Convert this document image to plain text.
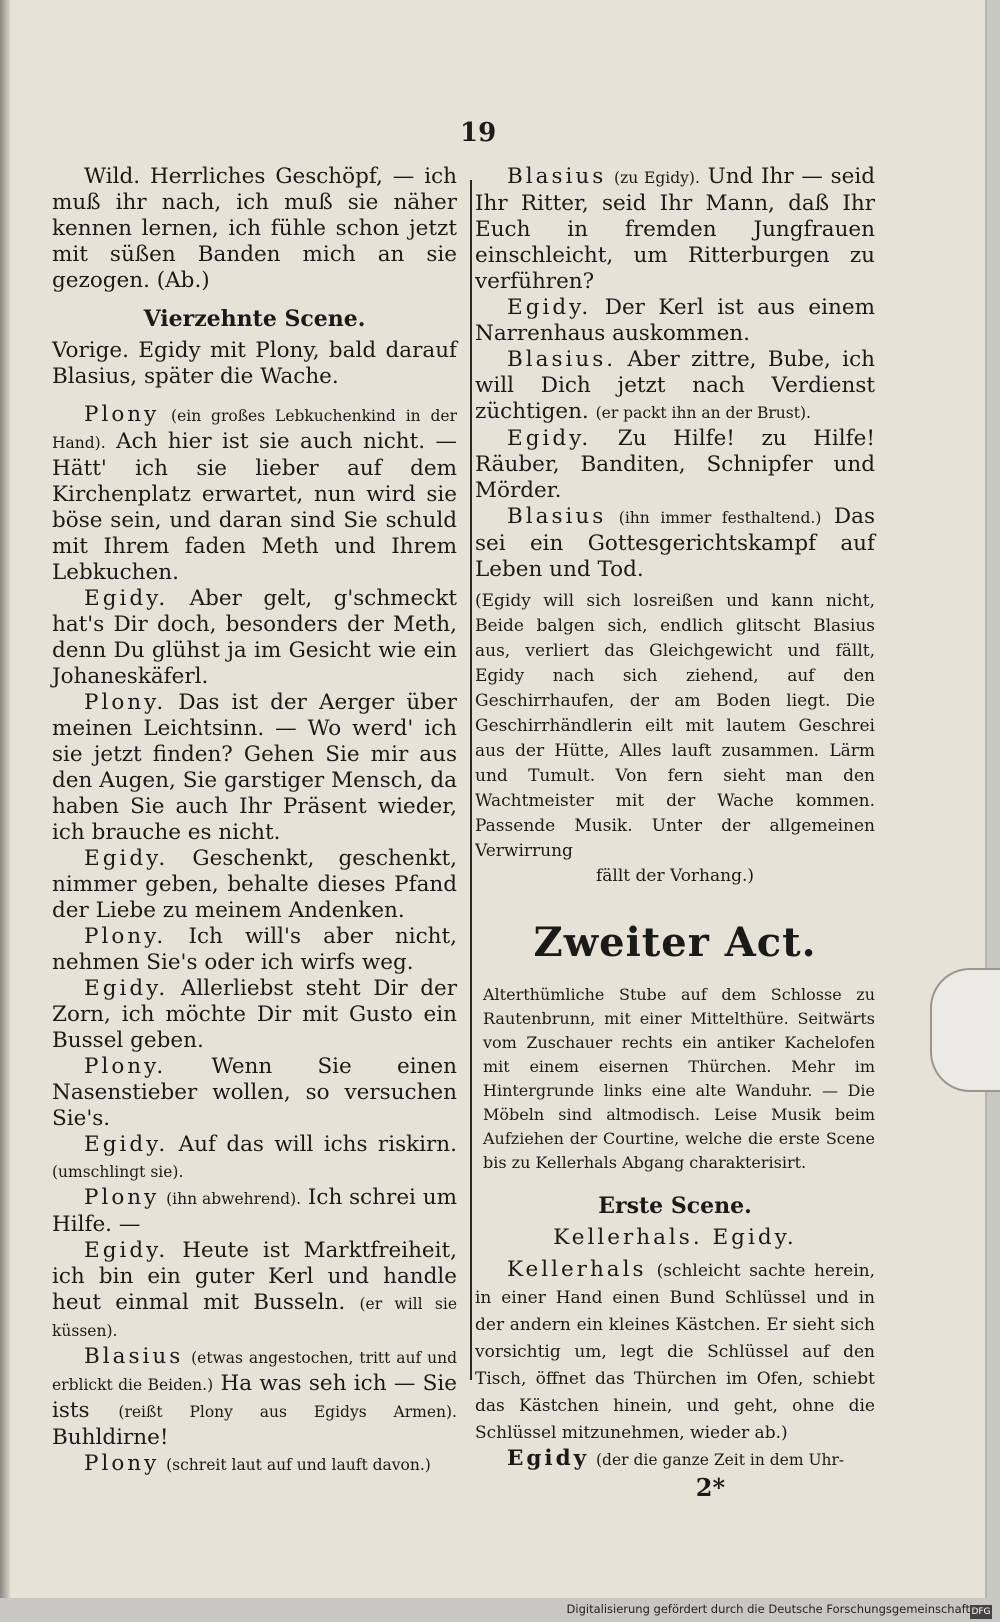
19

Wild. Herrliches Geschöpf, — ich muß ihr nach, ich muß sie näher kennen lernen, ich fühle schon jetzt mit süßen Banden mich an sie gezogen. (Ab.)

Vierzehnte Scene.

Vorige. Egidy mit Plony, bald darauf Blasius, später die Wache.

Plony (ein großes Lebkuchenkind in der Hand). Ach hier ist sie auch nicht. — Hätt' ich sie lieber auf dem Kirchenplatz erwartet, nun wird sie böse sein, und daran sind Sie schuld mit Ihrem faden Meth und Ihrem Lebkuchen.

Egidy. Aber gelt, g'schmeckt hat's Dir doch, besonders der Meth, denn Du glühst ja im Gesicht wie ein Johaneskäferl.

Plony. Das ist der Aerger über meinen Leichtsinn. — Wo werd' ich sie jetzt finden? Gehen Sie mir aus den Augen, Sie garstiger Mensch, da haben Sie auch Ihr Präsent wieder, ich brauche es nicht.

Egidy. Geschenkt, geschenkt, nimmer geben, behalte dieses Pfand der Liebe zu meinem Andenken.

Plony. Ich will's aber nicht, nehmen Sie's oder ich wirfs weg.

Egidy. Allerliebst steht Dir der Zorn, ich möchte Dir mit Gusto ein Bussel geben.

Plony. Wenn Sie einen Nasenstieber wollen, so versuchen Sie's.

Egidy. Auf das will ichs riskirn. (umschlingt sie).

Plony (ihn abwehrend). Ich schrei um Hilfe. —

Egidy. Heute ist Marktfreiheit, ich bin ein guter Kerl und handle heut einmal mit Busseln. (er will sie küssen).

Blasius (etwas angestochen, tritt auf und erblickt die Beiden.) Ha was seh ich — Sie ists (reißt Plony aus Egidys Armen). Buhldirne!

Plony (schreit laut auf und lauft davon.)

Blasius (zu Egidy). Und Ihr — seid Ihr Ritter, seid Ihr Mann, daß Ihr Euch in fremden Jungfrauen einschleicht, um Ritterburgen zu verführen?

Egidy. Der Kerl ist aus einem Narrenhaus auskommen.

Blasius. Aber zittre, Bube, ich will Dich jetzt nach Verdienst züchtigen. (er packt ihn an der Brust).

Egidy. Zu Hilfe! zu Hilfe! Räuber, Banditen, Schnipfer und Mörder.

Blasius (ihn immer festhaltend.) Das sei ein Gottesgerichtskampf auf Leben und Tod.

(Egidy will sich losreißen und kann nicht, Beide balgen sich, endlich glitscht Blasius aus, verliert das Gleichgewicht und fällt, Egidy nach sich ziehend, auf den Geschirrhaufen, der am Boden liegt. Die Geschirrhändlerin eilt mit lautem Geschrei aus der Hütte, Alles lauft zusammen. Lärm und Tumult. Von fern sieht man den Wachtmeister mit der Wache kommen. Passende Musik. Unter der allgemeinen Verwirrung

fällt der Vorhang.)

Zweiter Act.

Alterthümliche Stube auf dem Schlosse zu Rautenbrunn, mit einer Mittelthüre. Seitwärts vom Zuschauer rechts ein antiker Kachelofen mit einem eisernen Thürchen. Mehr im Hintergrunde links eine alte Wanduhr. — Die Möbeln sind altmodisch. Leise Musik beim Aufziehen der Courtine, welche die erste Scene bis zu Kellerhals Abgang charakterisirt.

Erste Scene.
Kellerhals. Egidy.

Kellerhals (schleicht sachte herein, in einer Hand einen Bund Schlüssel und in der andern ein kleines Kästchen. Er sieht sich vorsichtig um, legt die Schlüssel auf den Tisch, öffnet das Thürchen im Ofen, schiebt das Kästchen hinein, und geht, ohne die Schlüssel mitzunehmen, wieder ab.)

Egidy (der die ganze Zeit in dem Uhr-

2*
Digitalisierung gefördert durch die Deutsche Forschungsgemeinschaft DFG
